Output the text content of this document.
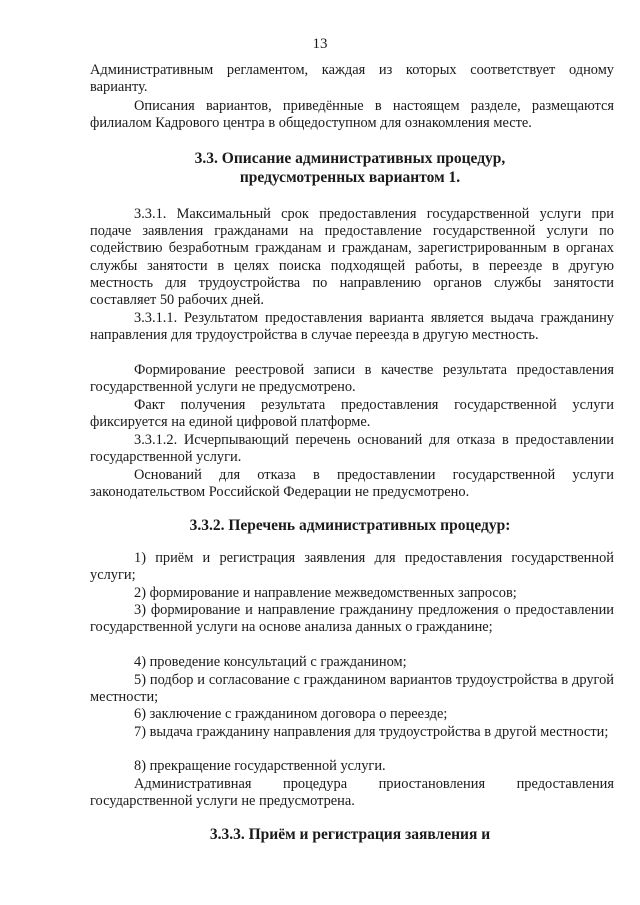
13

Административным регламентом, каждая из которых соответствует одному варианту.

Описания вариантов, приведённые в настоящем разделе, размещаются филиалом Кадрового центра в общедоступном для ознакомления месте.

3.3. Описание административных процедур,
предусмотренных вариантом 1.

3.3.1. Максимальный срок предоставления государственной услуги при подаче заявления гражданами на предоставление государственной услуги по содействию безработным гражданам и гражданам, зарегистрированным в органах службы занятости в целях поиска подходящей работы, в переезде в другую местность для трудоустройства по направлению органов службы занятости составляет 50 рабочих дней.

3.3.1.1. Результатом предоставления варианта является выдача гражданину направления для трудоустройства в случае переезда в другую местность.

Формирование реестровой записи в качестве результата предоставления государственной услуги не предусмотрено.

Факт получения результата предоставления государственной услуги фиксируется на единой цифровой платформе.

3.3.1.2. Исчерпывающий перечень оснований для отказа в предоставлении государственной услуги.

Оснований для отказа в предоставлении государственной услуги законодательством Российской Федерации не предусмотрено.

3.3.2. Перечень административных процедур:

1) приём и регистрация заявления для предоставления государственной услуги;

2) формирование и направление межведомственных запросов;

3) формирование и направление гражданину предложения о предоставлении государственной услуги на основе анализа данных о гражданине;

4) проведение консультаций с гражданином;

5) подбор и согласование с гражданином вариантов трудоустройства в другой местности;

6) заключение с гражданином договора о переезде;

7) выдача гражданину направления для трудоустройства в другой местности;

8) прекращение государственной услуги.

Административная процедура приостановления предоставления государственной услуги не предусмотрена.

3.3.3. Приём и регистрация заявления и
